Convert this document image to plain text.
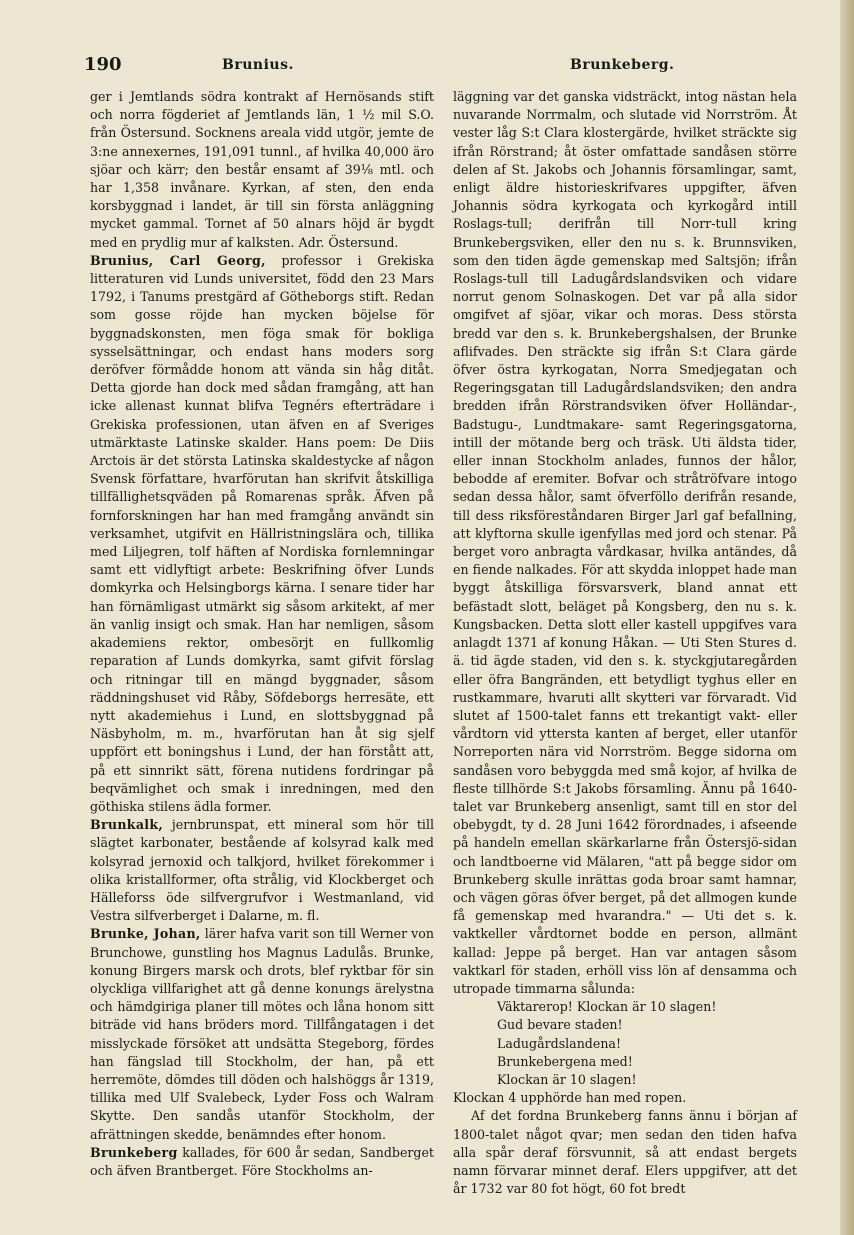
190	Brunius.	Brunkeberg.

ger i Jemtlands södra kontrakt af Hernösands stift och norra fögderiet af Jemtlands län, 1 ½ mil S.O. från Östersund. Socknens areala vidd utgör, jemte de 3:ne annexernes, 191,091 tunnl., af hvilka 40,000 äro sjöar och kärr; den består ensamt af 39⅛ mtl. och har 1,358 invånare. Kyrkan, af sten, den enda korsbyggnad i landet, är till sin första anläggning mycket gammal. Tornet af 50 alnars höjd är bygdt med en prydlig mur af kalksten. Adr. Östersund.

Brunius, Carl Georg, professor i Grekiska litteraturen vid Lunds universitet, född den 23 Mars 1792, i Tanums prestgärd af Götheborgs stift. Redan som gosse röjde han mycken böjelse för byggnadskonsten, men föga smak för bokliga sysselsättningar, och endast hans moders sorg deröfver förmådde honom att vända sin håg ditåt. Detta gjorde han dock med sådan framgång, att han icke allenast kunnat blifva Tegnérs efterträdare i Grekiska professionen, utan äfven en af Sveriges utmärktaste Latinske skalder. Hans poem: De Diis Arctois är det största Latinska skaldestycke af någon Svensk författare, hvarförutan han skrifvit åtskilliga tillfällighetsqväden på Romarenas språk. Äfven på fornforskningen har han med framgång användt sin verksamhet, utgifvit en Hällristningslära och, tillika med Liljegren, tolf häften af Nordiska fornlemningar samt ett vidlyftigt arbete: Beskrifning öfver Lunds domkyrka och Helsingborgs kärna. I senare tider har han förnämligast utmärkt sig såsom arkitekt, af mer än vanlig insigt och smak. Han har nemligen, såsom akademiens rektor, ombesörjt en fullkomlig reparation af Lunds domkyrka, samt gifvit förslag och ritningar till en mängd byggnader, såsom räddningshuset vid Råby, Söfdeborgs herresäte, ett nytt akademiehus i Lund, en slottsbyggnad på Näsbyholm, m. m., hvarförutan han åt sig sjelf uppfört ett boningshus i Lund, der han förstått att, på ett sinnrikt sätt, förena nutidens fordringar på beqvämlighet och smak i inredningen, med den göthiska stilens ädla former.

Brunkalk, jernbrunspat, ett mineral som hör till slägtet karbonater, bestående af kolsyrad kalk med kolsyrad jernoxid och talkjord, hvilket förekommer i olika kristallformer, ofta strålig, vid Klockberget och Hälleforss öde silfvergrufvor i Westmanland, vid Vestra silfverberget i Dalarne, m. fl.

Brunke, Johan, lärer hafva varit son till Werner von Brunchowe, gunstling hos Magnus Ladulås. Brunke, konung Birgers marsk och drots, blef ryktbar för sin olyckliga villfarighet att gå denne konungs ärelystna och hämdgiriga planer till mötes och låna honom sitt biträde vid hans bröders mord. Tillfångatagen i det misslyckade försöket att undsätta Stegeborg, fördes han fängslad till Stockholm, der han, på ett herremöte, dömdes till döden och halshöggs år 1319, tillika med Ulf Svalebeck, Lyder Foss och Walram Skytte. Den sandås utanför Stockholm, der afrättningen skedde, benämndes efter honom.

Brunkeberg kallades, för 600 år sedan, Sandberget och äfven Brantberget. Före Stockholms an-

läggning var det ganska vidsträckt, intog nästan hela nuvarande Norrmalm, och slutade vid Norrström. Åt vester låg S:t Clara klostergärde, hvilket sträckte sig ifrån Rörstrand; åt öster omfattade sandåsen större delen af St. Jakobs och Johannis församlingar, samt, enligt äldre historieskrifvares uppgifter, äfven Johannis södra kyrkogata och kyrkogård intill Roslags-tull; derifrån till Norr-tull kring Brunkebergsviken, eller den nu s. k. Brunnsviken, som den tiden ägde gemenskap med Saltsjön; ifrån Roslags-tull till Ladugårdslandsviken och vidare norrut genom Solnaskogen. Det var på alla sidor omgifvet af sjöar, vikar och moras. Dess största bredd var den s. k. Brunkebergshalsen, der Brunke aflifvades. Den sträckte sig ifrån S:t Clara gärde öfver östra kyrkogatan, Norra Smedjegatan och Regeringsgatan till Ladugårdslandsviken; den andra bredden ifrån Rörstrandsviken öfver Holländar-, Badstugu-, Lundtmakare- samt Regeringsgatorna, intill der mötande berg och träsk. Uti äldsta tider, eller innan Stockholm anlades, funnos der hålor, bebodde af eremiter. Bofvar och stråtröfvare intogo sedan dessa hålor, samt öfverföllo derifrån resande, till dess riksföreståndaren Birger Jarl gaf befallning, att klyftorna skulle igenfyllas med jord och stenar. På berget voro anbragta vårdkasar, hvilka antändes, då en fiende nalkades. För att skydda inloppet hade man byggt åtskilliga försvarsverk, bland annat ett befästadt slott, beläget på Kongsberg, den nu s. k. Kungsbacken. Detta slott eller kastell uppgifves vara anlagdt 1371 af konung Håkan. — Uti Sten Stures d. ä. tid ägde staden, vid den s. k. styckgjutaregården eller öfra Bangränden, ett betydligt tyghus eller en rustkammare, hvaruti allt skytteri var förvaradt. Vid slutet af 1500-talet fanns ett trekantigt vakt- eller vårdtorn vid yttersta kanten af berget, eller utanför Norreporten nära vid Norrström. Begge sidorna om sandåsen voro bebyggda med små kojor, af hvilka de fleste tillhörde S:t Jakobs församling. Ännu på 1640-talet var Brunkeberg ansenligt, samt till en stor del obebygdt, ty d. 28 Juni 1642 förordnades, i afseende på handeln emellan skärkarlarne från Östersjö-sidan och landtboerne vid Mälaren, "att på begge sidor om Brunkeberg skulle inrättas goda broar samt hamnar, och vägen göras öfver berget, på det allmogen kunde få gemenskap med hvarandra." — Uti det s. k. vaktkeller vårdtornet bodde en person, allmänt kallad: Jeppe på berget. Han var antagen såsom vaktkarl för staden, erhöll viss lön af densamma och utropade timmarna sålunda:

Väktarerop! Klockan är 10 slagen!
Gud bevare staden!
Ladugårdslandena!
Brunkebergena med!
Klockan är 10 slagen!

Klockan 4 upphörde han med ropen.

Af det fordna Brunkeberg fanns ännu i början af 1800-talet något qvar; men sedan den tiden hafva alla spår deraf försvunnit, så att endast bergets namn förvarar minnet deraf. Elers uppgifver, att det år 1732 var 80 fot högt, 60 fot bredt
